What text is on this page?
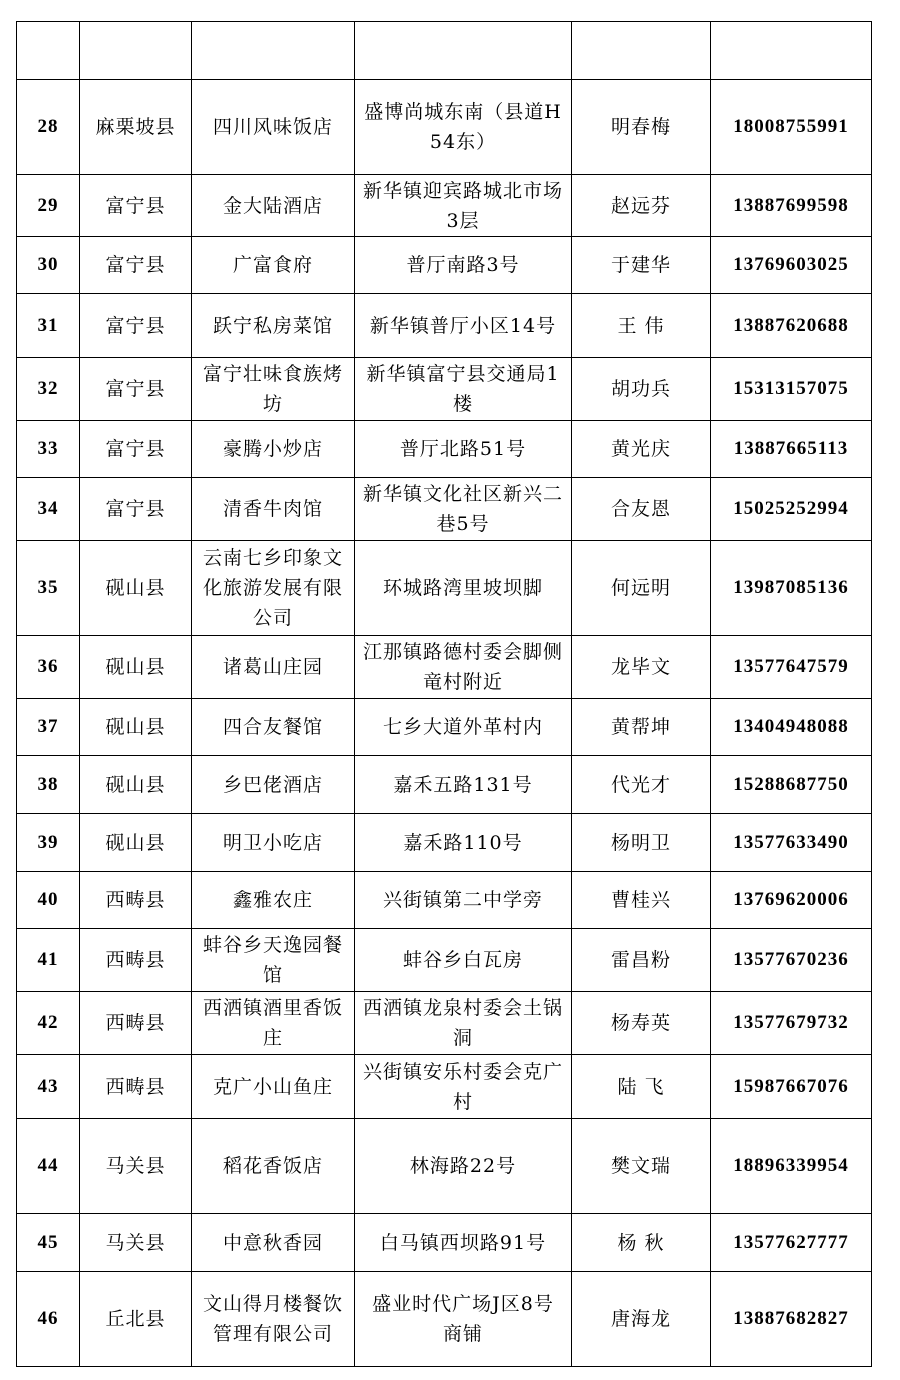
28	麻栗坡县	四川风味饭店	盛博尚城东南（县道H54东）	明春梅	18008755991
29	富宁县	金大陆酒店	新华镇迎宾路城北市场3层	赵远芬	13887699598
30	富宁县	广富食府	普厅南路3号	于建华	13769603025
31	富宁县	跃宁私房菜馆	新华镇普厅小区14号	王 伟	13887620688
32	富宁县	富宁壮味食族烤坊	新华镇富宁县交通局1楼	胡功兵	15313157075
33	富宁县	豪腾小炒店	普厅北路51号	黄光庆	13887665113
34	富宁县	清香牛肉馆	新华镇文化社区新兴二巷5号	合友恩	15025252994
35	砚山县	云南七乡印象文化旅游发展有限公司	环城路湾里坡坝脚	何远明	13987085136
36	砚山县	诸葛山庄园	江那镇路德村委会脚侧竜村附近	龙毕文	13577647579
37	砚山县	四合友餐馆	七乡大道外革村内	黄帮坤	13404948088
38	砚山县	乡巴佬酒店	嘉禾五路131号	代光才	15288687750
39	砚山县	明卫小吃店	嘉禾路110号	杨明卫	13577633490
40	西畴县	鑫雅农庄	兴街镇第二中学旁	曹桂兴	13769620006
41	西畴县	蚌谷乡天逸园餐馆	蚌谷乡白瓦房	雷昌粉	13577670236
42	西畴县	西洒镇酒里香饭庄	西洒镇龙泉村委会土锅洞	杨寿英	13577679732
43	西畴县	克广小山鱼庄	兴街镇安乐村委会克广村	陆 飞	15987667076
44	马关县	稻花香饭店	林海路22号	樊文瑞	18896339954
45	马关县	中意秋香园	白马镇西坝路91号	杨 秋	13577627777
46	丘北县	文山得月楼餐饮管理有限公司	盛业时代广场J区8号商铺	唐海龙	13887682827
